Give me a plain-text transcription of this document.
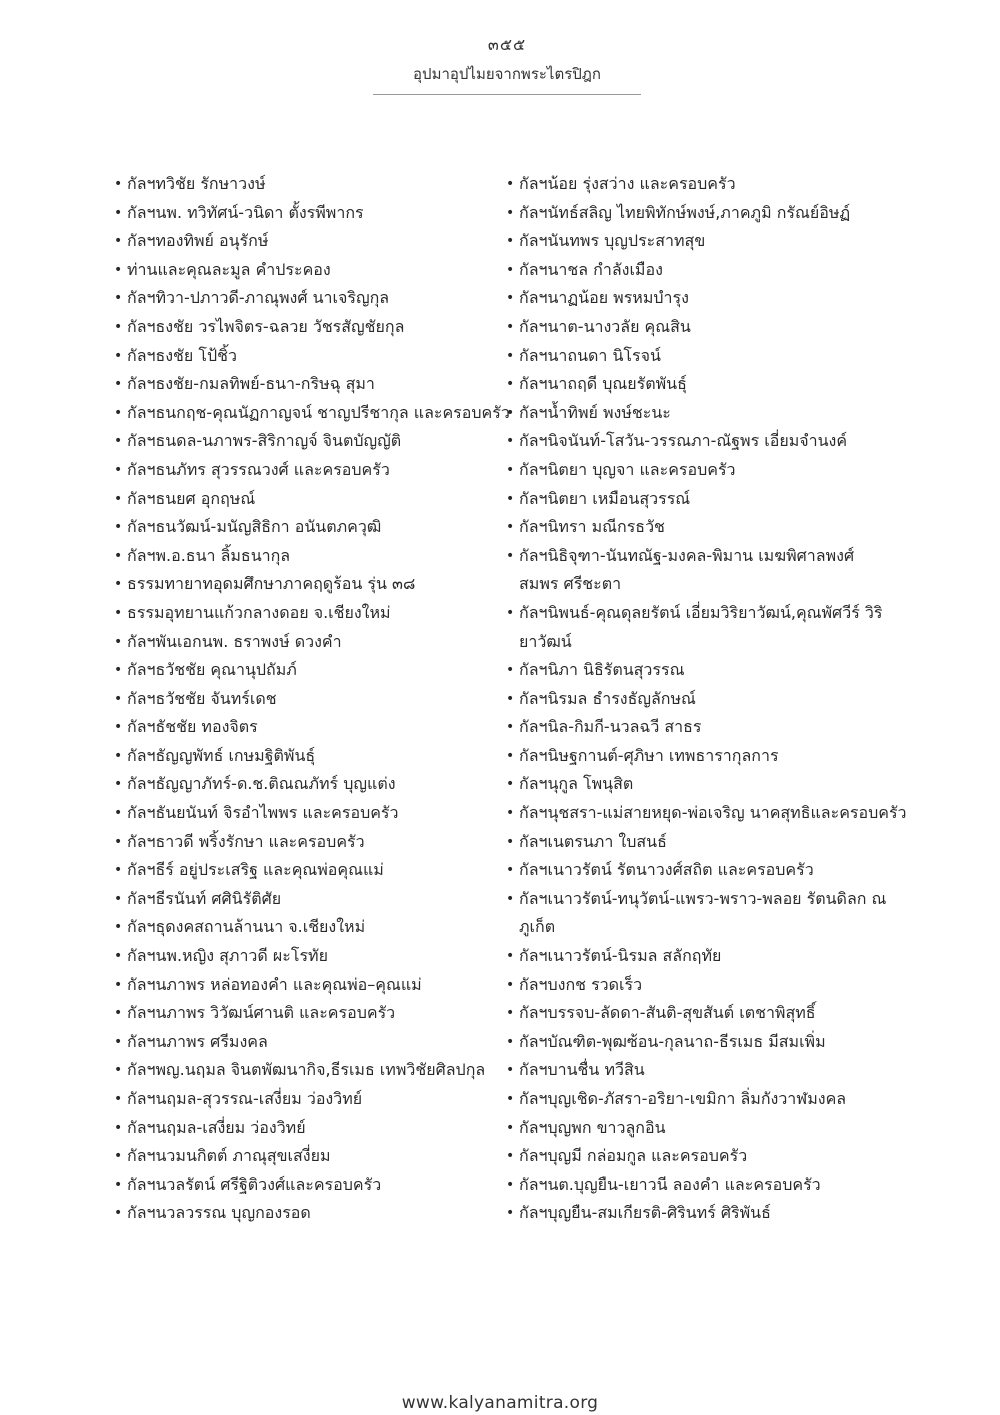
๓๕๕
อุปมาอุปไมยจากพระไตรปิฎก
• กัลฯทวิชัย รักษาวงษ์
• กัลฯนพ. ทวิทัศน์-วนิดา ตั้งรพีพากร
• กัลฯทองทิพย์ อนุรักษ์
• ท่านและคุณละมูล คำประคอง
• กัลฯทิวา-ปภาวดี-ภาณุพงศ์ นาเจริญกุล
• กัลฯธงชัย วรไพจิตร-ฉลวย วัชรสัญชัยกุล
• กัลฯธงชัย โป้ชิ้ว
• กัลฯธงชัย-กมลทิพย์-ธนา-กริษฉุ สุมา
• กัลฯธนกฤช-คุณนัฏกาญจน์ ชาญปรีชากุล และครอบครัว
• กัลฯธนดล-นภาพร-สิริกาญจ์ จินตบัญญัติ
• กัลฯธนภัทร สุวรรณวงศ์ และครอบครัว
• กัลฯธนยศ อุกฤษณ์
• กัลฯธนวัฒน์-มนัญสิธิกา อนันตภควุฒิ
• กัลฯพ.อ.ธนา ลิ้มธนากุล
• ธรรมทายาทอุดมศึกษาภาคฤดูร้อน รุ่น ๓๘
• ธรรมอุทยานแก้วกลางดอย จ.เชียงใหม่
• กัลฯพันเอกนพ. ธราพงษ์ ดวงคำ
• กัลฯธวัชชัย คุณานุปถัมภ์
• กัลฯธวัชชัย จันทร์เดช
• กัลฯธัชชัย ทองจิตร
• กัลฯธัญญพัทธ์ เกษมฐิติพันธุ์
• กัลฯธัญญาภัทร์-ด.ช.ติณณภัทร์ บุญแต่ง
• กัลฯธันยนันท์ จิรอำไพพร และครอบครัว
• กัลฯธาวดี พริ้งรักษา และครอบครัว
• กัลฯธีร์ อยู่ประเสริฐ และคุณพ่อคุณแม่
• กัลฯธีรนันท์ ศศินิรัติศัย
• กัลฯธุดงคสถานล้านนา จ.เชียงใหม่
• กัลฯนพ.หญิง สุภาวดี ผะโรทัย
• กัลฯนภาพร หล่อทองคำ และคุณพ่อ–คุณแม่
• กัลฯนภาพร วิวัฒน์ศานติ และครอบครัว
• กัลฯนภาพร ศรีมงคล
• กัลฯพญ.นฤมล จินตพัฒนากิจ,ธีรเมธ เทพวิชัยศิลปกุล
• กัลฯนฤมล-สุวรรณ-เสงี่ยม ว่องวิทย์
• กัลฯนฤมล-เสงี่ยม ว่องวิทย์
• กัลฯนวมนกิตต์ ภาณุสุขเสงี่ยม
• กัลฯนวลรัตน์ ศรีฐิติวงศ์และครอบครัว
• กัลฯนวลวรรณ บุญกองรอด
• กัลฯน้อย รุ่งสว่าง และครอบครัว
• กัลฯนัทธ์สลิญ ไทยพิทักษ์พงษ์,ภาคภูมิ กรัณย์อิษฏ์
• กัลฯนันทพร บุญประสาทสุข
• กัลฯนาชล กำลังเมือง
• กัลฯนาฏน้อย พรหมบำรุง
• กัลฯนาต-นางวลัย คุณสิน
• กัลฯนาถนดา นิโรจน์
• กัลฯนาถฤดี บุณยรัตพันธุ์
• กัลฯน้ำทิพย์ พงษ์ชะนะ
• กัลฯนิจนันท์-โสวัน-วรรณภา-ณัฐพร เอี่ยมจำนงค์
• กัลฯนิตยา บุญจา และครอบครัว
• กัลฯนิตยา เหมือนสุวรรณ์
• กัลฯนิทรา มณีกรธวัช
• กัลฯนิธิจุฑา-นันทณัฐ-มงคล-พิมาน เมฆพิศาลพงศ์ สมพร ศรีชะตา
• กัลฯนิพนธ์-คุณดุลยรัตน์ เอี่ยมวิริยาวัฒน์,คุณพัศวีร์ วิริยาวัฒน์
• กัลฯนิภา นิธิรัตนสุวรรณ
• กัลฯนิรมล ธำรงธัญลักษณ์
• กัลฯนิล-กิมกี-นวลฉวี สาธร
• กัลฯนิษฐกานต์-ศุภิษา เทพธารากุลการ
• กัลฯนุกูล โพนุสิต
• กัลฯนุชสรา-แม่สายหยุด-พ่อเจริญ นาคสุทธิและครอบครัว
• กัลฯเนตรนภา ใบสนธ์
• กัลฯเนาวรัตน์ รัตนาวงศ์สถิต และครอบครัว
• กัลฯเนาวรัตน์-ทนุวัตน์-แพรว-พราว-พลอย รัตนดิลก ณ ภูเก็ต
• กัลฯเนาวรัตน์-นิรมล สลักฤทัย
• กัลฯบงกช รวดเร็ว
• กัลฯบรรจบ-ลัดดา-สันติ-สุขสันต์ เตชาพิสุทธิ์
• กัลฯบัณฑิต-พุฒซ้อน-กุลนาถ-ธีรเมธ มีสมเพิ่ม
• กัลฯบานชื่น ทวีสิน
• กัลฯบุญเชิด-ภัสรา-อริยา-เขมิกา ลิ่มกังวาฬมงคล
• กัลฯบุญพก ขาวลูกอิน
• กัลฯบุญมี กล่อมกูล และครอบครัว
• กัลฯนต.บุญยืน-เยาวนี ลองคำ และครอบครัว
• กัลฯบุญยืน-สมเกียรติ-ศิรินทร์ ศิริพันธ์
www.kalyanamitra.org
